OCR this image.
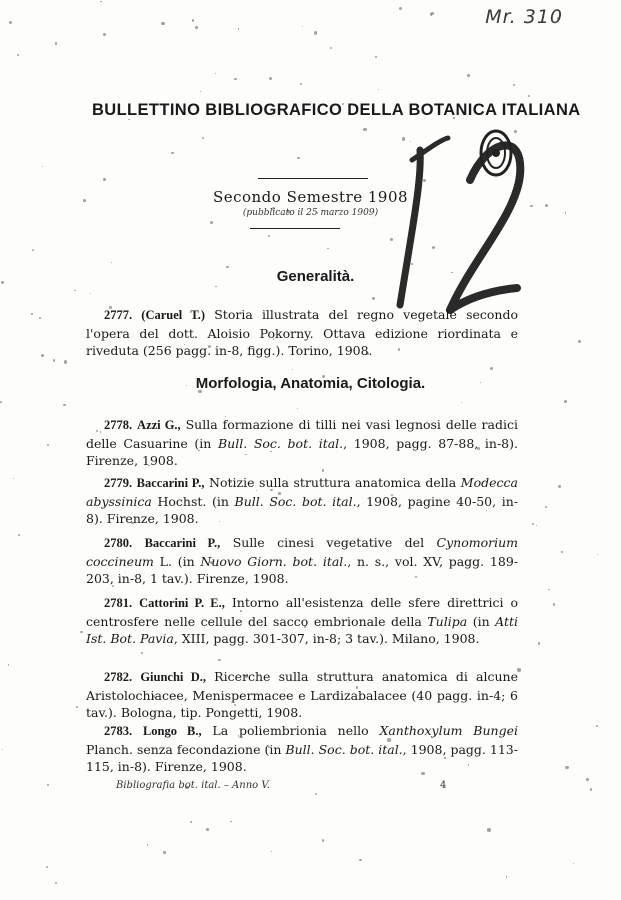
Mr. 310
BULLETTINO BIBLIOGRAFICO DELLA BOTANICA ITALIANA
Secondo Semestre 1908
(pubblicato il 25 marzo 1909)
Generalità.
2777. (Caruel T.) Storia illustrata del regno vegetale secondo l'opera del dott. Aloisio Pokorny. Ottava edizione riordinata e riveduta (256 pagg. in-8, figg.). Torino, 1908.
Morfologia, Anatomia, Citologia.
2778. Azzi G., Sulla formazione di tilli nei vasi legnosi delle radici delle Casuarine (in Bull. Soc. bot. ital., 1908, pagg. 87-88, in-8). Firenze, 1908.
2779. Baccarini P., Notizie sulla struttura anatomica della Modecca abyssinica Hochst. (in Bull. Soc. bot. ital., 1908, pagine 40-50, in-8). Firenze, 1908.
2780. Baccarini P., Sulle cinesi vegetative del Cynomorium coccineum L. (in Nuovo Giorn. bot. ital., n. s., vol. XV, pagg. 189-203, in-8, 1 tav.). Firenze, 1908.
2781. Cattorini P. E., Intorno all'esistenza delle sfere direttrici o centrosfere nelle cellule del sacco embrionale della Tulipa (in Atti Ist. Bot. Pavia, XIII, pagg. 301-307, in-8; 3 tav.). Milano, 1908.
2782. Giunchi D., Ricerche sulla struttura anatomica di alcune Aristolochiacee, Menispermacee e Lardizabalacee (40 pagg. in-4; 6 tav.). Bologna, tip. Pongetti, 1908.
2783. Longo B., La poliembrionia nello Xanthoxylum Bungei Planch. senza fecondazione (in Bull. Soc. bot. ital., 1908, pagg. 113-115, in-8). Firenze, 1908.
Bibliografia bot. ital. – Anno V.	4
